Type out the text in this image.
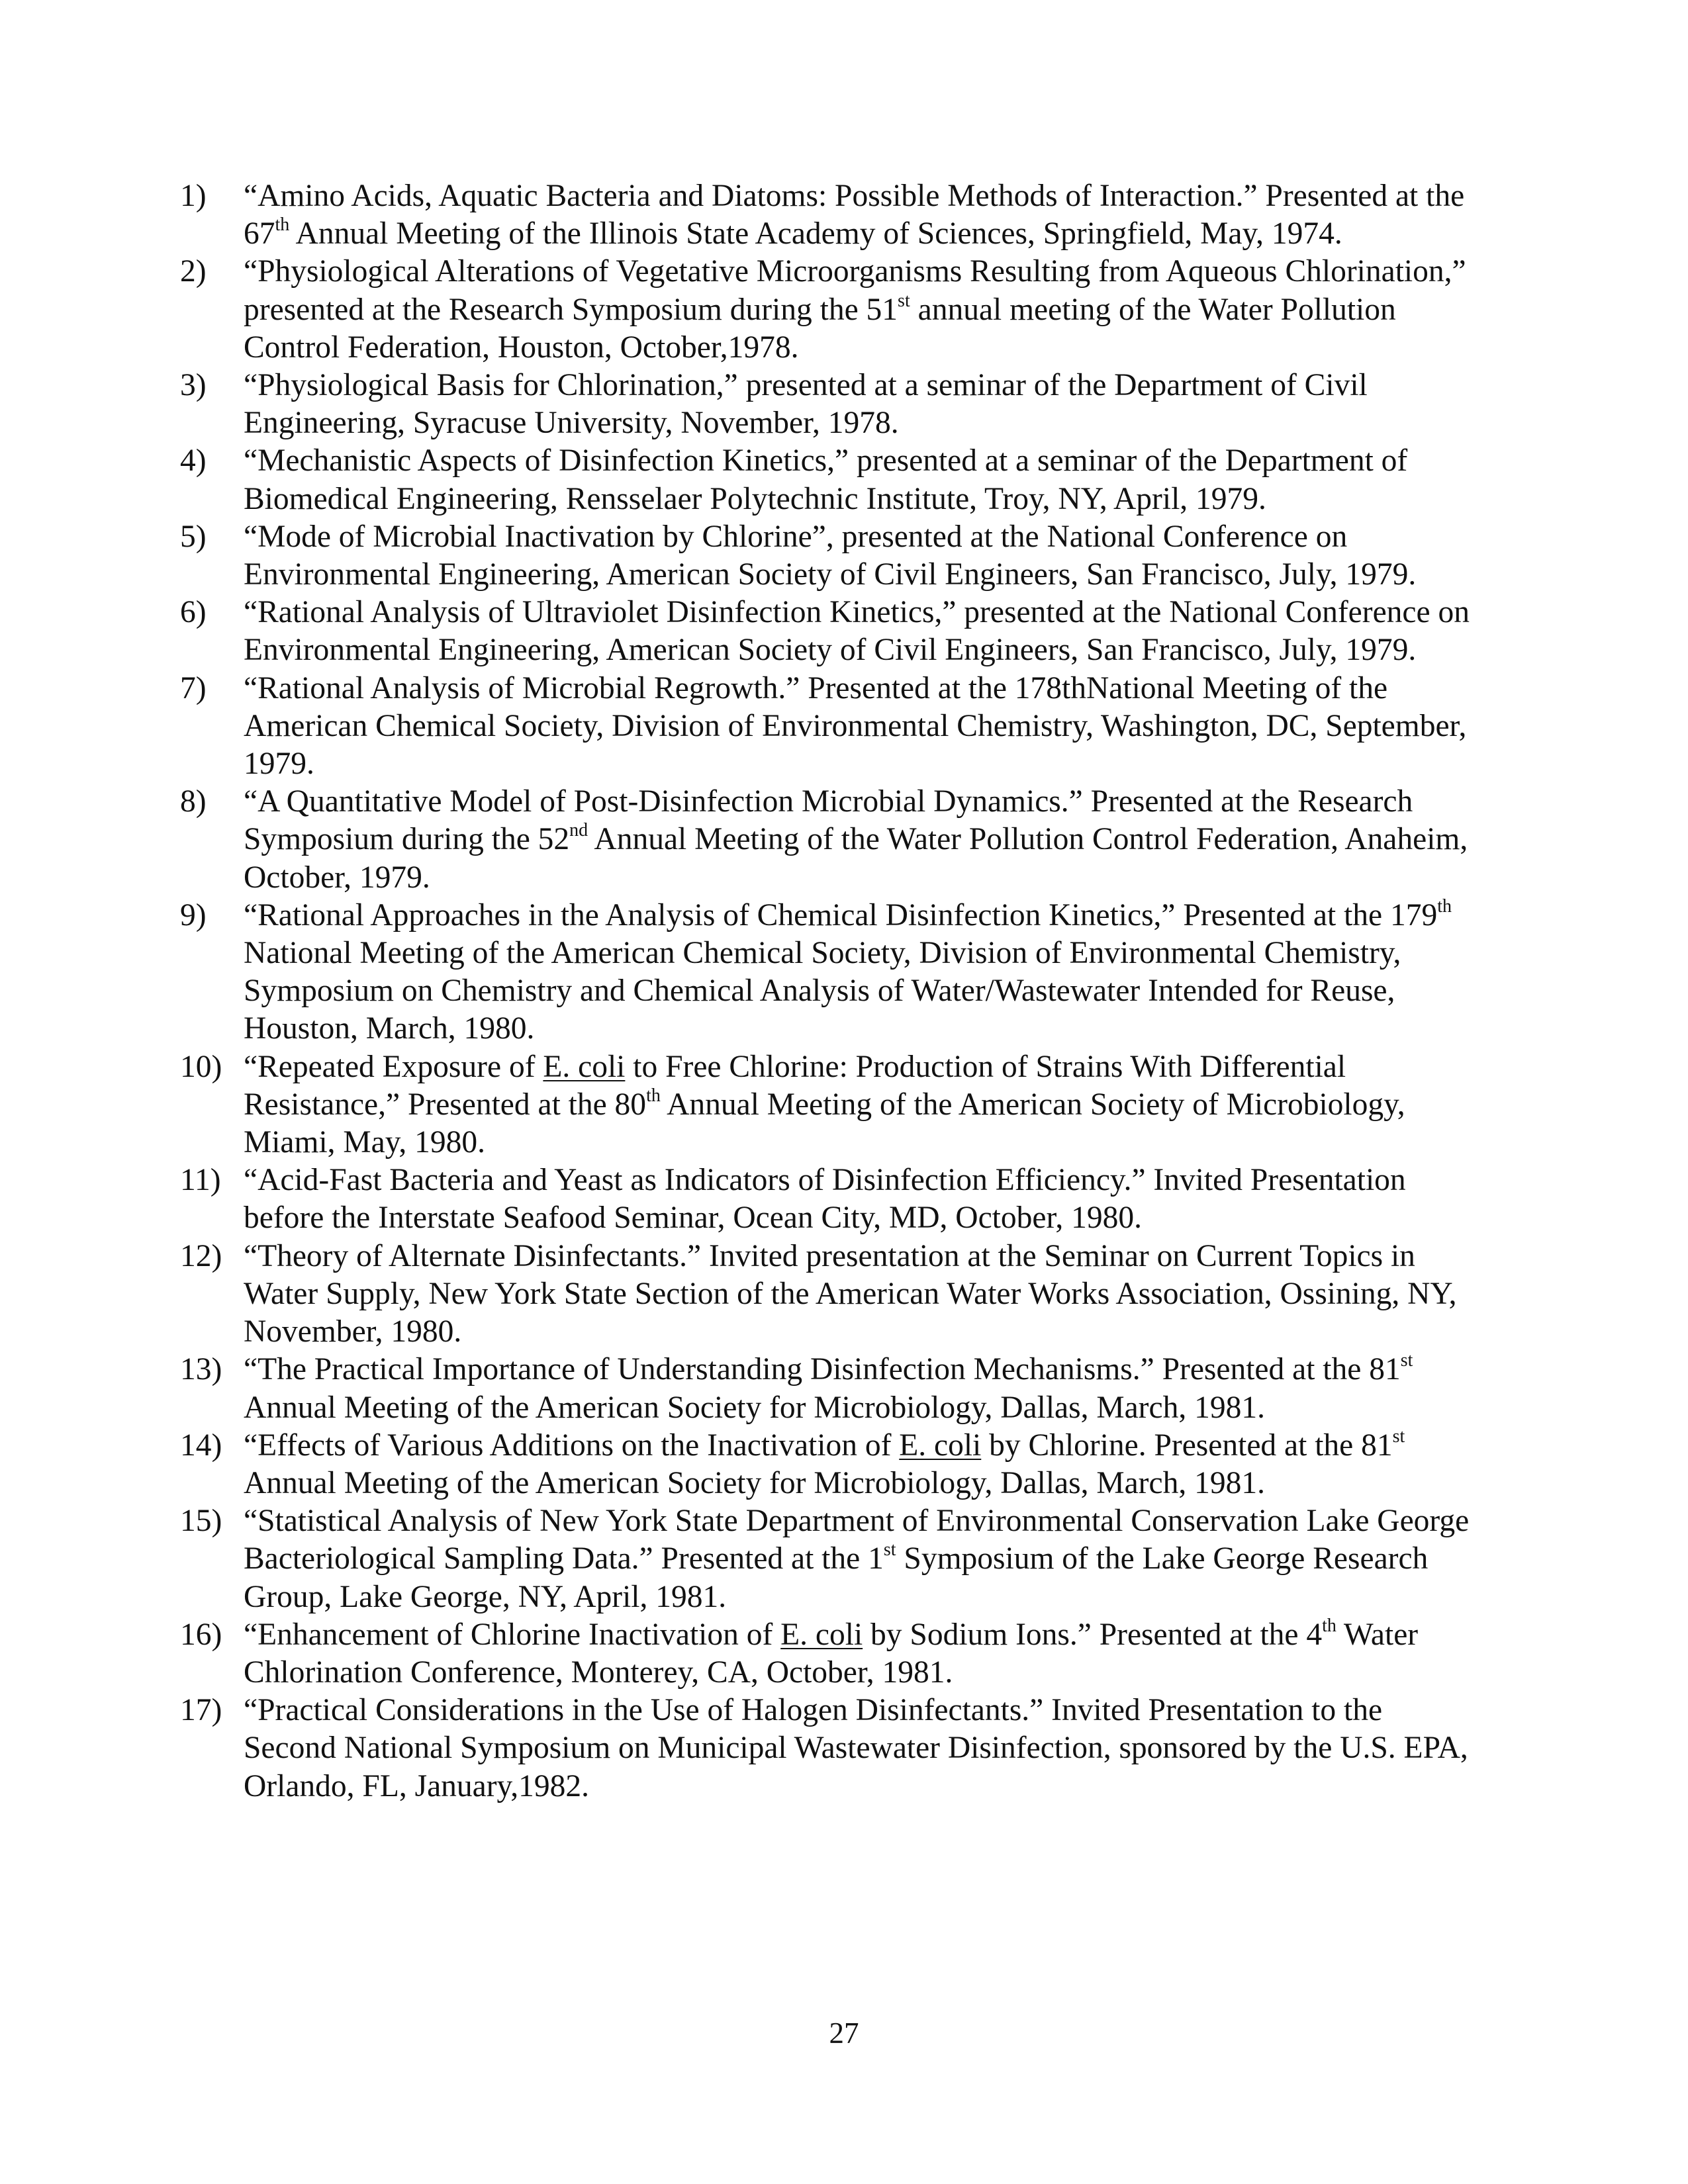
1) “Amino Acids, Aquatic Bacteria and Diatoms: Possible Methods of Interaction.” Presented at the 67th Annual Meeting of the Illinois State Academy of Sciences, Springfield, May, 1974.
2) “Physiological Alterations of Vegetative Microorganisms Resulting from Aqueous Chlorination,” presented at the Research Symposium during the 51st annual meeting of the Water Pollution Control Federation, Houston, October,1978.
3) “Physiological Basis for Chlorination,” presented at a seminar of the Department of Civil Engineering, Syracuse University, November, 1978.
4) “Mechanistic Aspects of Disinfection Kinetics,” presented at a seminar of the Department of Biomedical Engineering, Rensselaer Polytechnic Institute, Troy, NY, April, 1979.
5) “Mode of Microbial Inactivation by Chlorine”, presented at the National Conference on Environmental Engineering, American Society of Civil Engineers, San Francisco, July, 1979.
6) “Rational Analysis of Ultraviolet Disinfection Kinetics,” presented at the National Conference on Environmental Engineering, American Society of Civil Engineers, San Francisco, July, 1979.
7) “Rational Analysis of Microbial Regrowth.” Presented at the 178thNational Meeting of the American Chemical Society, Division of Environmental Chemistry, Washington, DC, September, 1979.
8) “A Quantitative Model of Post-Disinfection Microbial Dynamics.” Presented at the Research Symposium during the 52nd Annual Meeting of the Water Pollution Control Federation, Anaheim, October, 1979.
9) “Rational Approaches in the Analysis of Chemical Disinfection Kinetics,” Presented at the 179th National Meeting of the American Chemical Society, Division of Environmental Chemistry, Symposium on Chemistry and Chemical Analysis of Water/Wastewater Intended for Reuse, Houston, March, 1980.
10) “Repeated Exposure of E. coli to Free Chlorine: Production of Strains With Differential Resistance,” Presented at the 80th Annual Meeting of the American Society of Microbiology, Miami, May, 1980.
11) “Acid-Fast Bacteria and Yeast as Indicators of Disinfection Efficiency.” Invited Presentation before the Interstate Seafood Seminar, Ocean City, MD, October, 1980.
12) “Theory of Alternate Disinfectants.” Invited presentation at the Seminar on Current Topics in Water Supply, New York State Section of the American Water Works Association, Ossining, NY, November, 1980.
13) “The Practical Importance of Understanding Disinfection Mechanisms.” Presented at the 81st Annual Meeting of the American Society for Microbiology, Dallas, March, 1981.
14) “Effects of Various Additions on the Inactivation of E. coli by Chlorine. Presented at the 81st Annual Meeting of the American Society for Microbiology, Dallas, March, 1981.
15) “Statistical Analysis of New York State Department of Environmental Conservation Lake George Bacteriological Sampling Data.” Presented at the 1st Symposium of the Lake George Research Group, Lake George, NY, April, 1981.
16) “Enhancement of Chlorine Inactivation of E. coli by Sodium Ions.” Presented at the 4th Water Chlorination Conference, Monterey, CA, October, 1981.
17) “Practical Considerations in the Use of Halogen Disinfectants.” Invited Presentation to the Second National Symposium on Municipal Wastewater Disinfection, sponsored by the U.S. EPA, Orlando, FL, January,1982.
27
